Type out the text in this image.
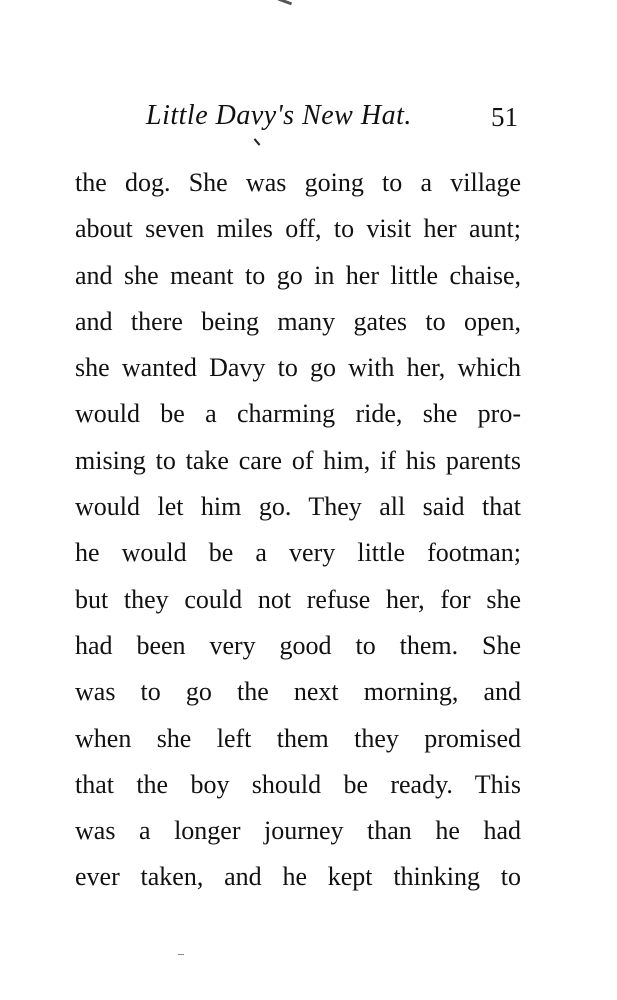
Little Davy's New Hat.	51
the dog. She was going to a village
about seven miles off, to visit her aunt;
and she meant to go in her little chaise,
and there being many gates to open,
she wanted Davy to go with her, which
would be a charming ride, she pro-
mising to take care of him, if his parents
would let him go. They all said that
he would be a very little footman;
but they could not refuse her, for she
had been very good to them. She
was to go the next morning, and
when she left them they promised
that the boy should be ready. This
was a longer journey than he had
ever taken, and he kept thinking to
